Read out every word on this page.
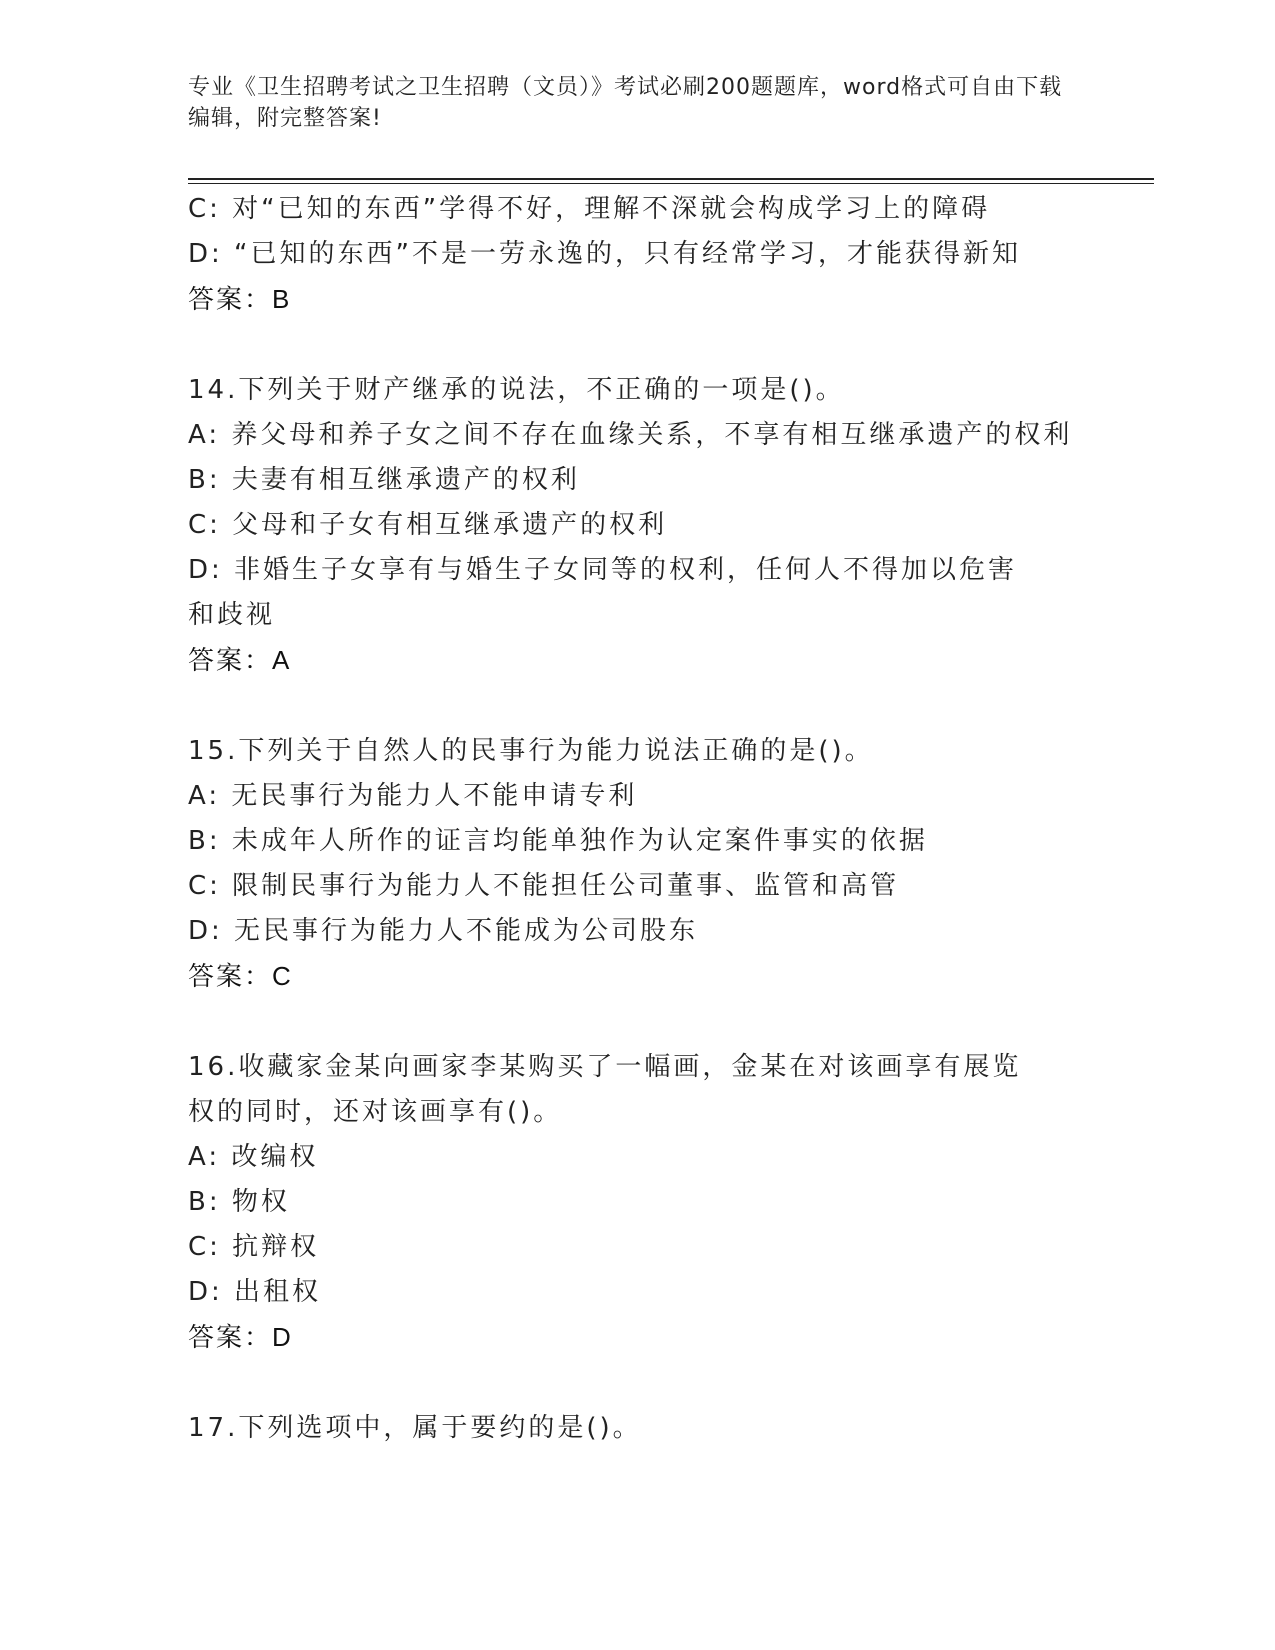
专业《卫生招聘考试之卫生招聘（文员）》考试必刷200题题库，word格式可自由下载编辑，附完整答案!
C: 对“已知的东西”学得不好，理解不深就会构成学习上的障碍
D: “已知的东西”不是一劳永逸的，只有经常学习，才能获得新知
答案：B
14.下列关于财产继承的说法，不正确的一项是()。
A: 养父母和养子女之间不存在血缘关系，不享有相互继承遗产的权利
B: 夫妻有相互继承遗产的权利
C: 父母和子女有相互继承遗产的权利
D: 非婚生子女享有与婚生子女同等的权利，任何人不得加以危害和歧视
答案：A
15.下列关于自然人的民事行为能力说法正确的是()。
A: 无民事行为能力人不能申请专利
B: 未成年人所作的证言均能单独作为认定案件事实的依据
C: 限制民事行为能力人不能担任公司董事、监管和高管
D: 无民事行为能力人不能成为公司股东
答案：C
16.收藏家金某向画家李某购买了一幅画，金某在对该画享有展览权的同时，还对该画享有()。
A: 改编权
B: 物权
C: 抗辩权
D: 出租权
答案：D
17.下列选项中，属于要约的是()。
